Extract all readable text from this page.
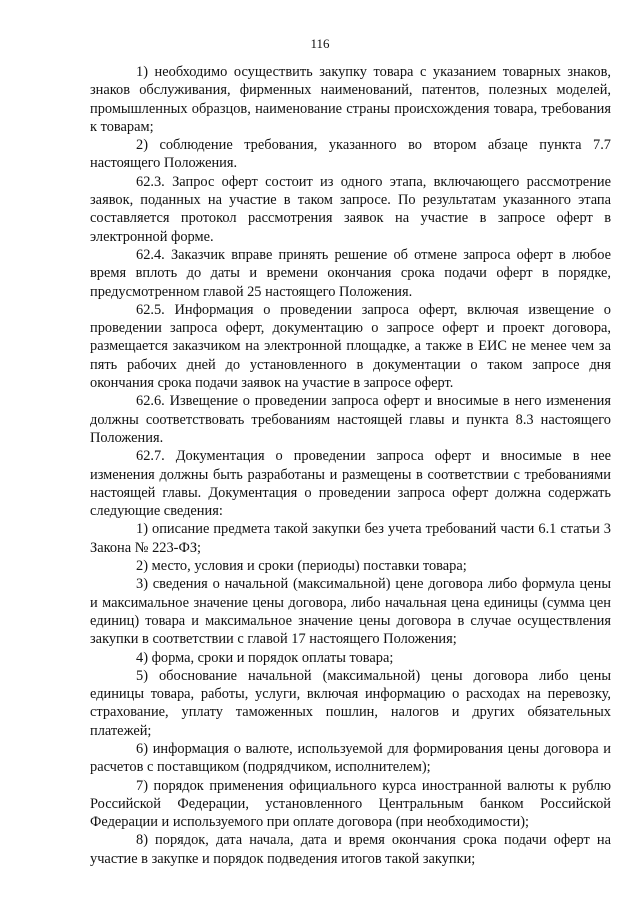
116

1) необходимо осуществить закупку товара с указанием товарных знаков, знаков обслуживания, фирменных наименований, патентов, полезных моделей, промышленных образцов, наименование страны происхождения товара, требования к товарам;

2) соблюдение требования, указанного во втором абзаце пункта 7.7 настоящего Положения.

62.3. Запрос оферт состоит из одного этапа, включающего рассмотрение заявок, поданных на участие в таком запросе. По результатам указанного этапа составляется протокол рассмотрения заявок на участие в запросе оферт в электронной форме.

62.4. Заказчик вправе принять решение об отмене запроса оферт в любое время вплоть до даты и времени окончания срока подачи оферт в порядке, предусмотренном главой 25 настоящего Положения.

62.5. Информация о проведении запроса оферт, включая извещение о проведении запроса оферт, документацию о запросе оферт и проект договора, размещается заказчиком на электронной площадке, а также в ЕИС не менее чем за пять рабочих дней до установленного в документации о таком запросе дня окончания срока подачи заявок на участие в запросе оферт.

62.6. Извещение о проведении запроса оферт и вносимые в него изменения должны соответствовать требованиям настоящей главы и пункта 8.3 настоящего Положения.

62.7. Документация о проведении запроса оферт и вносимые в нее изменения должны быть разработаны и размещены в соответствии с требованиями настоящей главы. Документация о проведении запроса оферт должна содержать следующие сведения:

1) описание предмета такой закупки без учета требований части 6.1 статьи 3 Закона № 223-ФЗ;

2) место, условия и сроки (периоды) поставки товара;

3) сведения о начальной (максимальной) цене договора либо формула цены и максимальное значение цены договора, либо начальная цена единицы (сумма цен единиц) товара и максимальное значение цены договора в случае осуществления закупки в соответствии с главой 17 настоящего Положения;

4) форма, сроки и порядок оплаты товара;

5) обоснование начальной (максимальной) цены договора либо цены единицы товара, работы, услуги, включая информацию о расходах на перевозку, страхование, уплату таможенных пошлин, налогов и других обязательных платежей;

6) информация о валюте, используемой для формирования цены договора и расчетов с поставщиком (подрядчиком, исполнителем);

7) порядок применения официального курса иностранной валюты к рублю Российской Федерации, установленного Центральным банком Российской Федерации и используемого при оплате договора (при необходимости);

8) порядок, дата начала, дата и время окончания срока подачи оферт на участие в закупке и порядок подведения итогов такой закупки;
